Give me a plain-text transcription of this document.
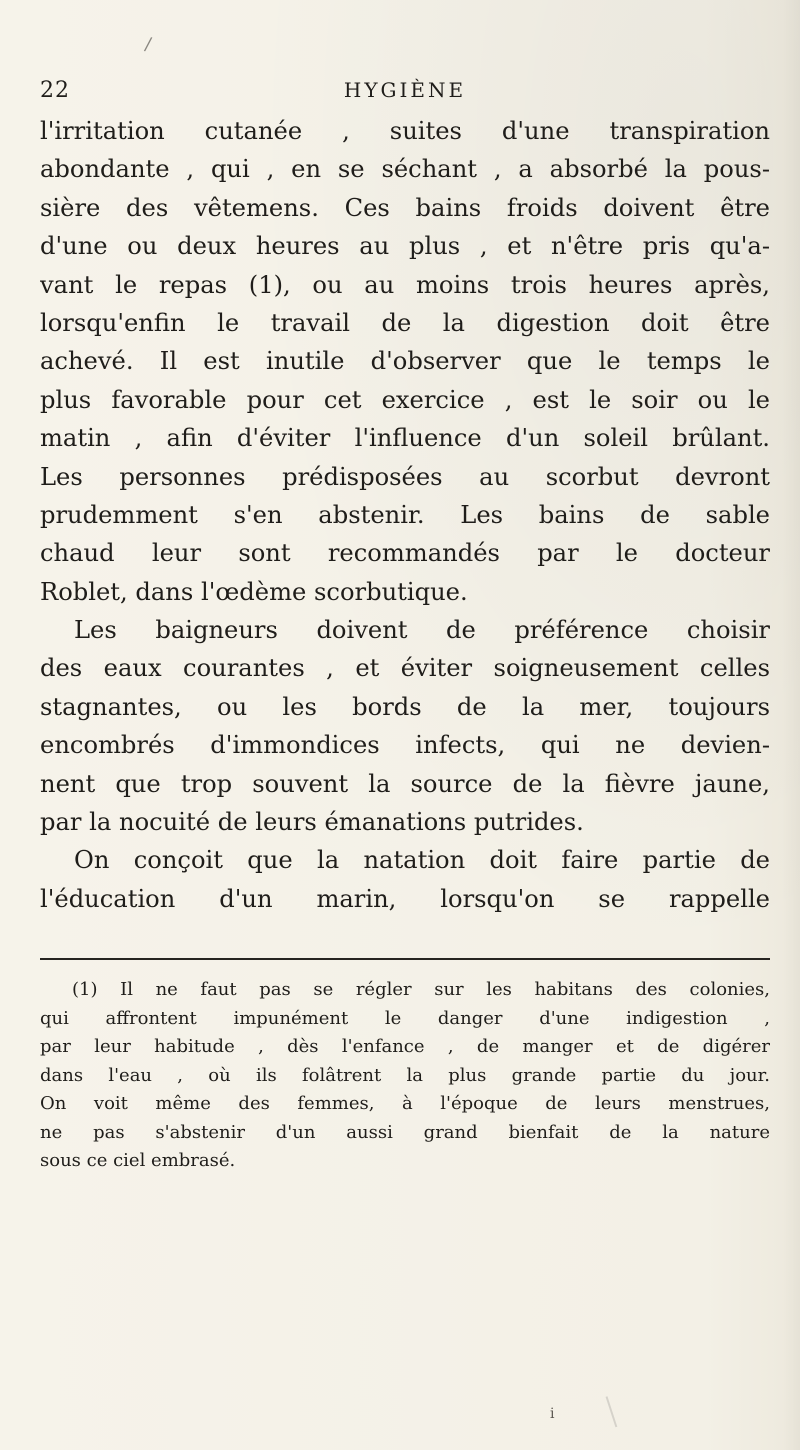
/
22	HYGIÈNE
l'irritation cutanée , suites d'une transpiration
abondante , qui , en se séchant , a absorbé la pous-
sière des vêtemens. Ces bains froids doivent être
d'une ou deux heures au plus , et n'être pris qu'a-
vant le repas (1), ou au moins trois heures après,
lorsqu'enfin le travail de la digestion doit être
achevé. Il est inutile d'observer que le temps le
plus favorable pour cet exercice , est le soir ou le
matin , afin d'éviter l'influence d'un soleil brûlant.
Les personnes prédisposées au scorbut devront
prudemment s'en abstenir. Les bains de sable
chaud leur sont recommandés par le docteur
Roblet, dans l'œdème scorbutique.
Les baigneurs doivent de préférence choisir
des eaux courantes , et éviter soigneusement celles
stagnantes, ou les bords de la mer, toujours
encombrés d'immondices infects, qui ne devien-
nent que trop souvent la source de la fièvre jaune,
par la nocuité de leurs émanations putrides.
On conçoit que la natation doit faire partie de
l'éducation d'un marin, lorsqu'on se rappelle
(1) Il ne faut pas se régler sur les habitans des colonies,
qui affrontent impunément le danger d'une indigestion ,
par leur habitude , dès l'enfance , de manger et de digérer
dans l'eau , où ils folâtrent la plus grande partie du jour.
On voit même des femmes, à l'époque de leurs menstrues,
ne pas s'abstenir d'un aussi grand bienfait de la nature
sous ce ciel embrasé.
i
